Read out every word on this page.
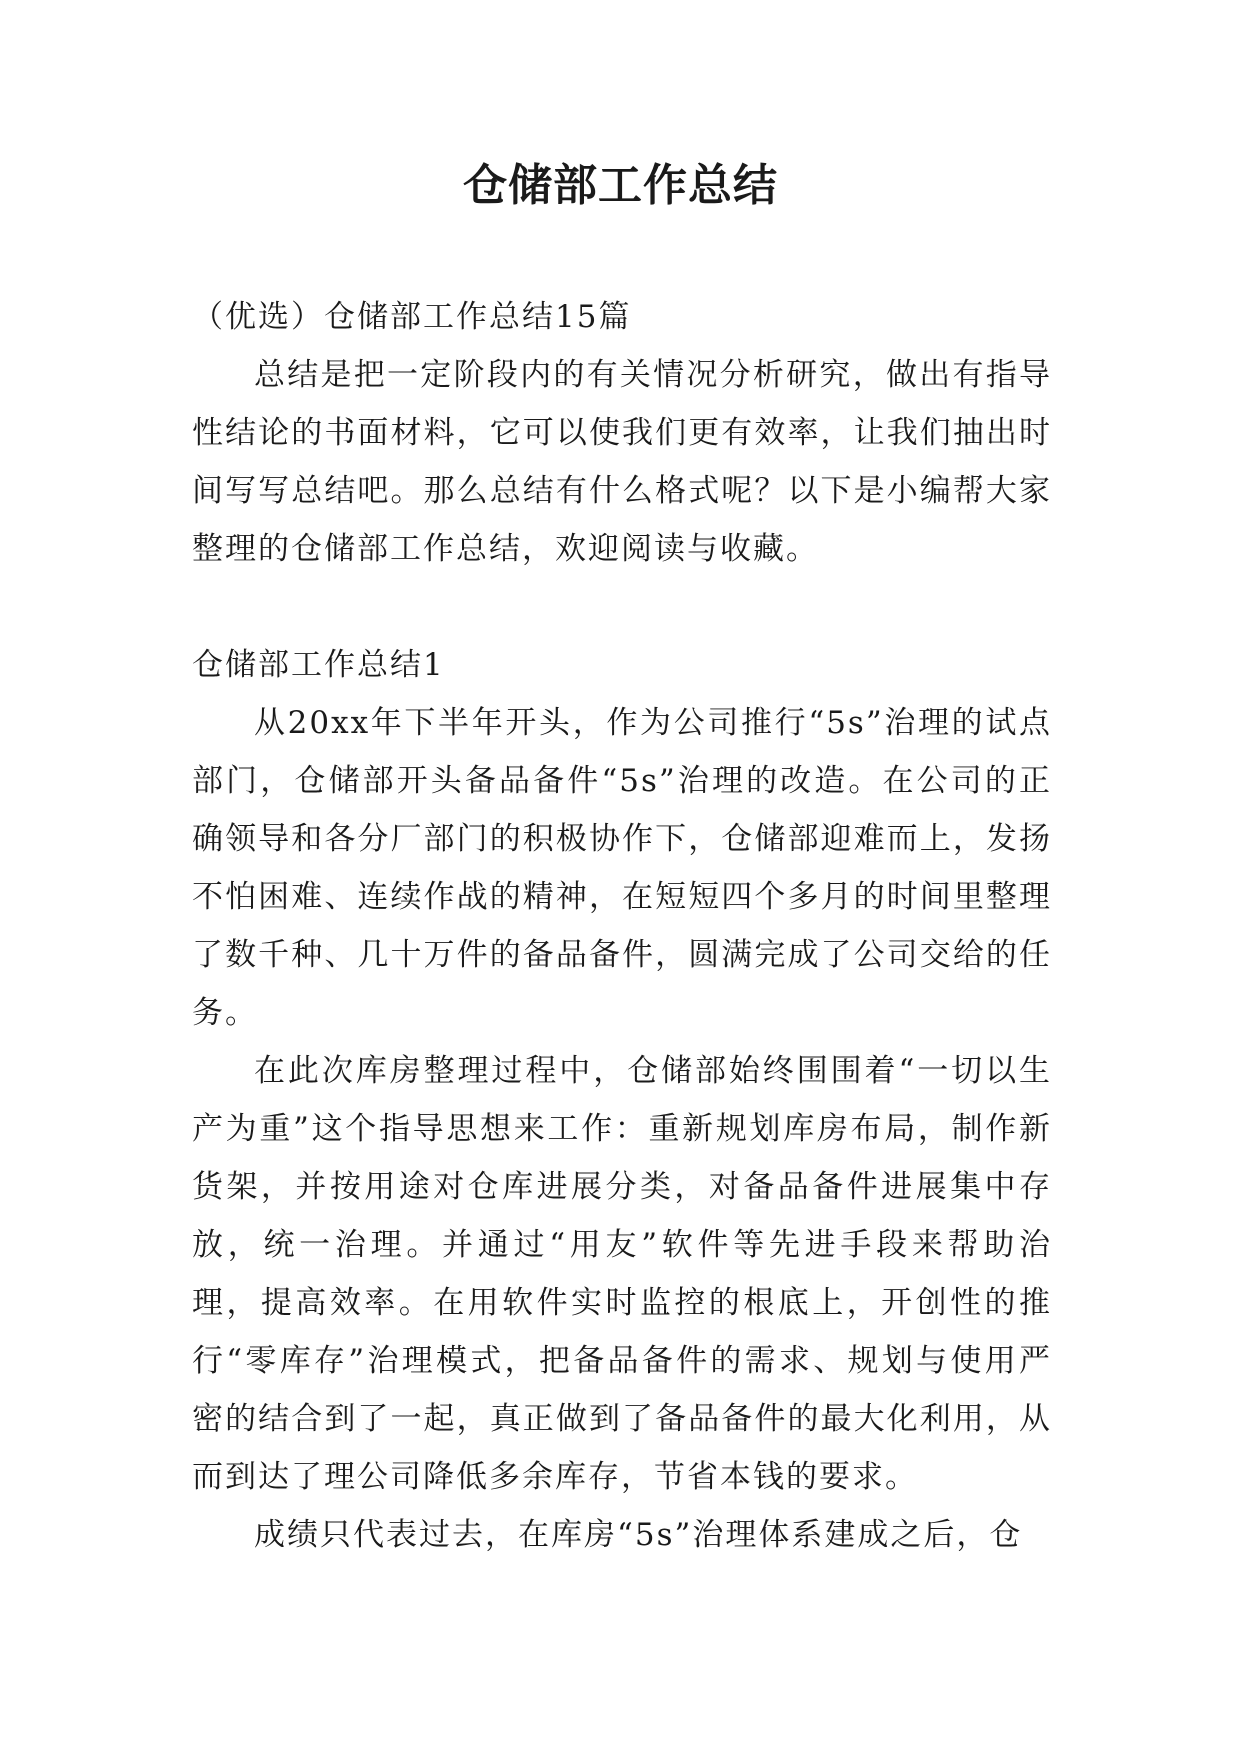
仓储部工作总结

（优选）仓储部工作总结15篇

总结是把一定阶段内的有关情况分析研究，做出有指导性结论的书面材料，它可以使我们更有效率，让我们抽出时间写写总结吧。那么总结有什么格式呢？以下是小编帮大家整理的仓储部工作总结，欢迎阅读与收藏。

仓储部工作总结1

从20xx年下半年开头，作为公司推行“5s”治理的试点部门，仓储部开头备品备件“5s”治理的改造。在公司的正确领导和各分厂部门的积极协作下，仓储部迎难而上，发扬不怕困难、连续作战的精神，在短短四个多月的时间里整理了数千种、几十万件的备品备件，圆满完成了公司交给的任务。

在此次库房整理过程中，仓储部始终围围着“一切以生产为重”这个指导思想来工作：重新规划库房布局，制作新货架，并按用途对仓库进展分类，对备品备件进展集中存放，统一治理。并通过“用友”软件等先进手段来帮助治理，提高效率。在用软件实时监控的根底上，开创性的推行“零库存”治理模式，把备品备件的需求、规划与使用严密的结合到了一起，真正做到了备品备件的最大化利用，从而到达了理公司降低多余库存，节省本钱的要求。

成绩只代表过去，在库房“5s”治理体系建成之后，仓
